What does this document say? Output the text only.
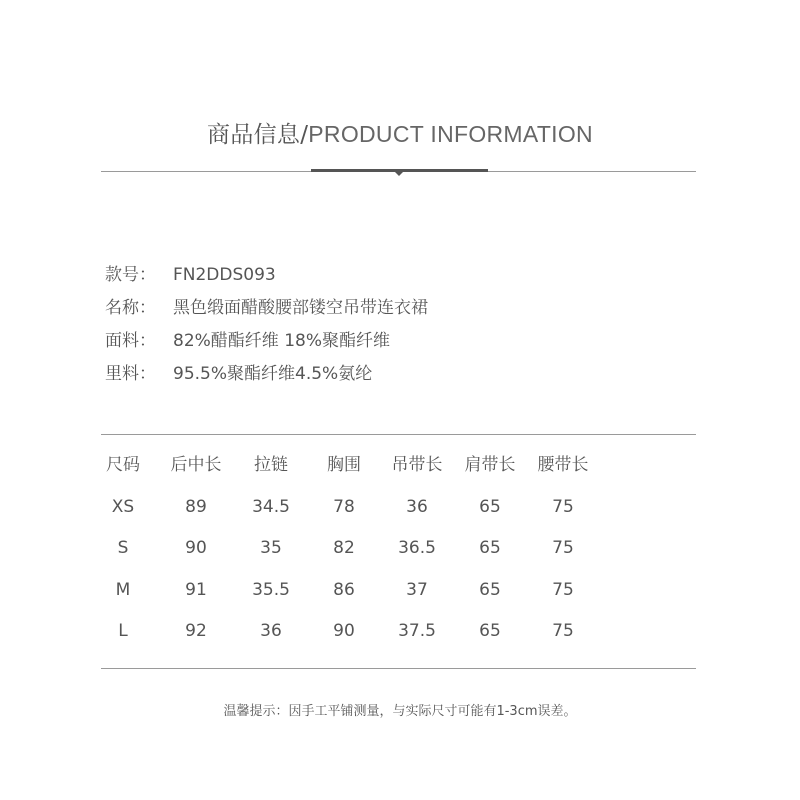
商品信息/PRODUCT INFORMATION
款号： FN2DDS093
名称： 黑色缎面醋酸腰部镂空吊带连衣裙
面料： 82%醋酯纤维 18%聚酯纤维
里料： 95.5%聚酯纤维4.5%氨纶
尺码	后中长	拉链	胸围	吊带长	肩带长	腰带长
XS	89	34.5	78	36	65	75
S	90	35	82	36.5	65	75
M	91	35.5	86	37	65	75
L	92	36	90	37.5	65	75
温馨提示：因手工平铺测量，与实际尺寸可能有1-3cm误差。
